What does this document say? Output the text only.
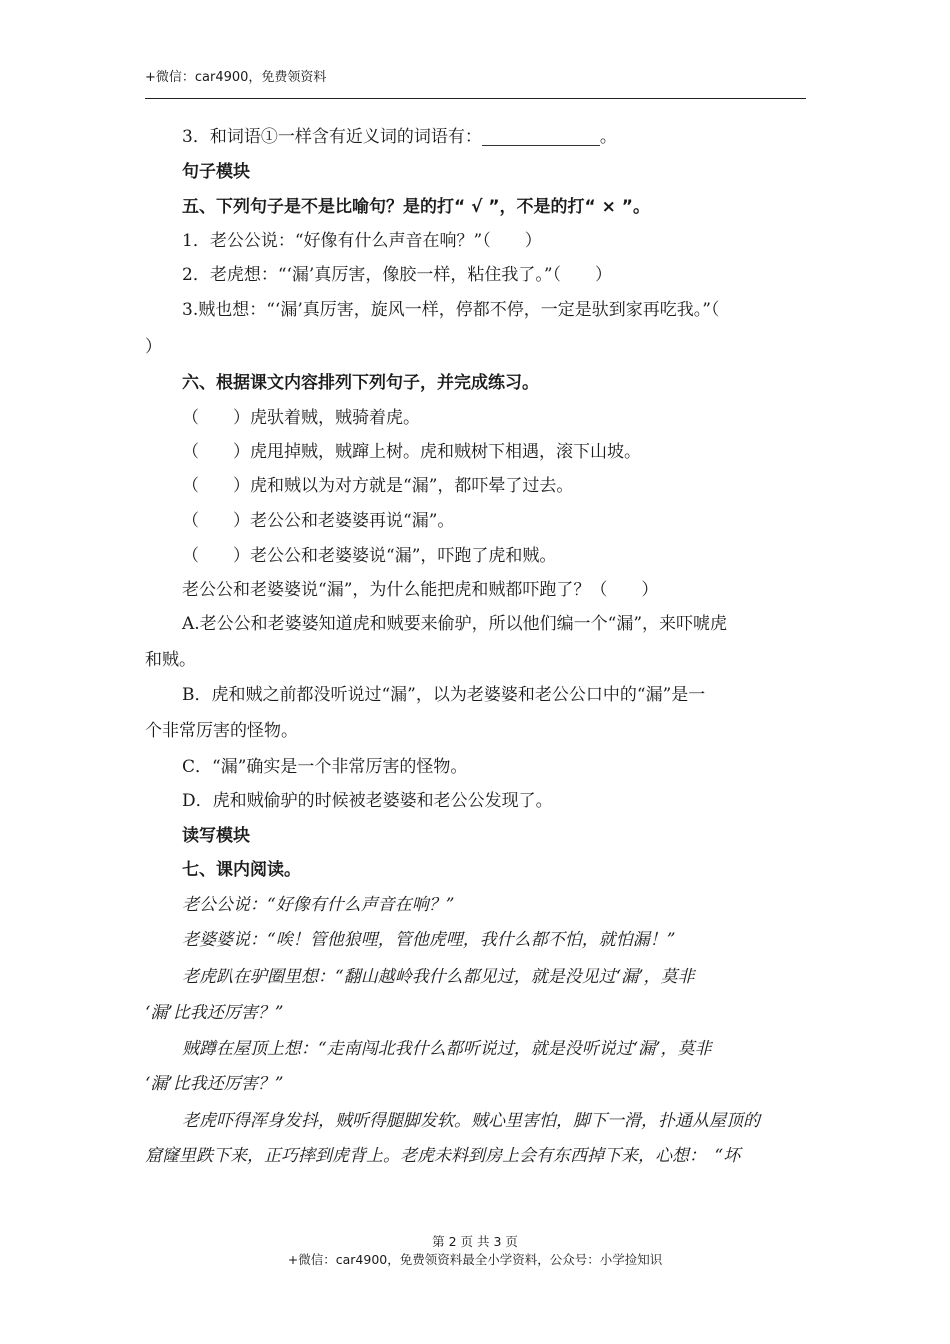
+微信：car4900，免费领资料
3．和词语①一样含有近义词的词语有：	。
句子模块
五、下列句子是不是比喻句？是的打“ √ ”，不是的打“ × ”。
1．老公公说：“好像有什么声音在响？”（　　）
2．老虎想：“‘漏’真厉害，像胶一样，粘住我了。”（　　）
3.贼也想：“‘漏’真厉害，旋风一样，停都不停，一定是驮到家再吃我。”（
）
六、根据课文内容排列下列句子，并完成练习。
（　　）虎驮着贼，贼骑着虎。
（　　）虎甩掉贼，贼蹿上树。虎和贼树下相遇，滚下山坡。
（　　）虎和贼以为对方就是“漏”，都吓晕了过去。
（　　）老公公和老婆婆再说“漏”。
（　　）老公公和老婆婆说“漏”，吓跑了虎和贼。
老公公和老婆婆说“漏”，为什么能把虎和贼都吓跑了？（　　）
A.老公公和老婆婆知道虎和贼要来偷驴，所以他们编一个“漏”，来吓唬虎
和贼。
B．虎和贼之前都没听说过“漏”，以为老婆婆和老公公口中的“漏”是一
个非常厉害的怪物。
C．“漏”确实是一个非常厉害的怪物。
D．虎和贼偷驴的时候被老婆婆和老公公发现了。
读写模块
七、课内阅读。
老公公说：“好像有什么声音在响？”
老婆婆说：“唉！管他狼哩，管他虎哩，我什么都不怕，就怕漏！”
老虎趴在驴圈里想：“翻山越岭我什么都见过，就是没见过‘漏’，莫非
‘漏’比我还厉害？”
贼蹲在屋顶上想：“走南闯北我什么都听说过，就是没听说过‘漏’，莫非
‘漏’比我还厉害？”
老虎吓得浑身发抖，贼听得腿脚发软。贼心里害怕，脚下一滑，扑通从屋顶的
窟窿里跌下来，正巧摔到虎背上。老虎未料到房上会有东西掉下来，心想：　“坏
第 2 页 共 3 页
+微信：car4900，免费领资料最全小学资料，公众号：小学捡知识
